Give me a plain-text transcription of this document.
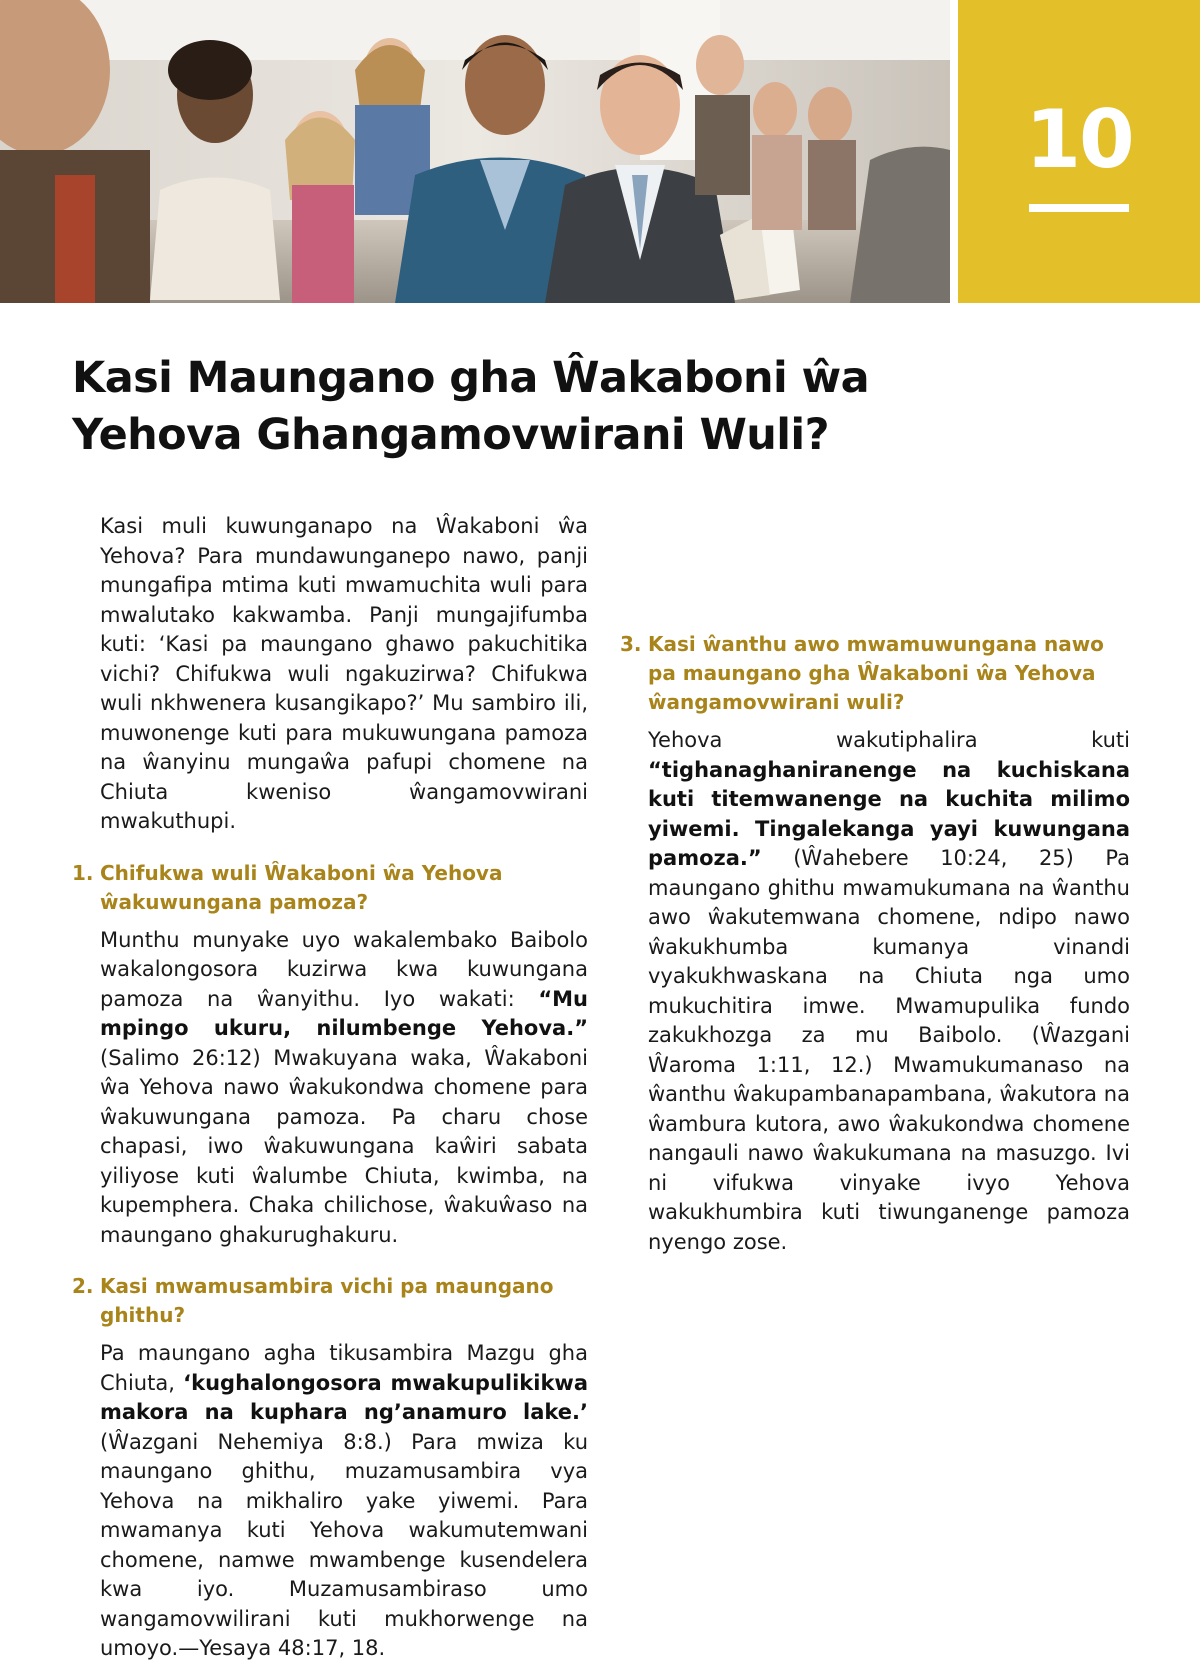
10
Kasi Maungano gha Ŵakaboni ŵa
Yehova Ghangamovwirani Wuli?

Kasi muli kuwunganapo na Ŵakaboni ŵa Yehova? Para mundawunganepo nawo, panji mungafipa mtima kuti mwamuchita wuli para mwalutako kakwamba. Panji mungajifumba kuti: ‘Kasi pa maungano ghawo pakuchitika vichi? Chifukwa wuli ngakuzirwa? Chifukwa wuli nkhwenera kusangikapo?’ Mu sambiro ili, muwonenge kuti para mukuwungana pamoza na ŵanyinu mungaŵa pafupi chomene na Chiuta kweniso ŵangamovwirani mwakuthupi.

1. Chifukwa wuli Ŵakaboni ŵa Yehova ŵakuwungana pamoza?

Munthu munyake uyo wakalembako Baibolo wakalongosora kuzirwa kwa kuwungana pamoza na ŵanyithu. Iyo wakati: “Mu mpingo ukuru, nilumbenge Yehova.” (Salimo 26:12) Mwakuyana waka, Ŵakaboni ŵa Yehova nawo ŵakukondwa chomene para ŵakuwungana pamoza. Pa charu chose chapasi, iwo ŵakuwungana kaŵiri sabata yiliyose kuti ŵalumbe Chiuta, kwimba, na kupemphera. Chaka chilichose, ŵakuŵaso na maungano ghakurughakuru.

2. Kasi mwamusambira vichi pa maungano ghithu?

Pa maungano agha tikusambira Mazgu gha Chiuta, ‘kughalongosora mwakupulikikwa makora na kuphara ng’anamuro lake.’ (Ŵazgani Nehemiya 8:8.) Para mwiza ku maungano ghithu, muzamusambira vya Yehova na mikhaliro yake yiwemi. Para mwamanya kuti Yehova wakumutemwani chomene, namwe mwambenge kusendelera kwa iyo. Muzamusambiraso umo wangamovwilirani kuti mukhorwenge na umoyo.—Yesaya 48:17, 18.

3. Kasi ŵanthu awo mwamuwungana nawo pa maungano gha Ŵakaboni ŵa Yehova ŵangamovwirani wuli?

Yehova wakutiphalira kuti “tighanaghaniranenge na kuchiskana kuti titemwanenge na kuchita milimo yiwemi. Tingalekanga yayi kuwungana pamoza.” (Ŵahebere 10:24, 25) Pa maungano ghithu mwamukumana na ŵanthu awo ŵakutemwana chomene, ndipo nawo ŵakukhumba kumanya vinandi vyakukhwaskana na Chiuta nga umo mukuchitira imwe. Mwamupulika fundo zakukhozga za mu Baibolo. (Ŵazgani Ŵaroma 1:11, 12.) Mwamukumanaso na ŵanthu ŵakupambanapambana, ŵakutora na ŵambura kutora, awo ŵakukondwa chomene nangauli nawo ŵakukumana na masuzgo. Ivi ni vifukwa vinyake ivyo Yehova wakukhumbira kuti tiwunganenge pamoza nyengo zose.
